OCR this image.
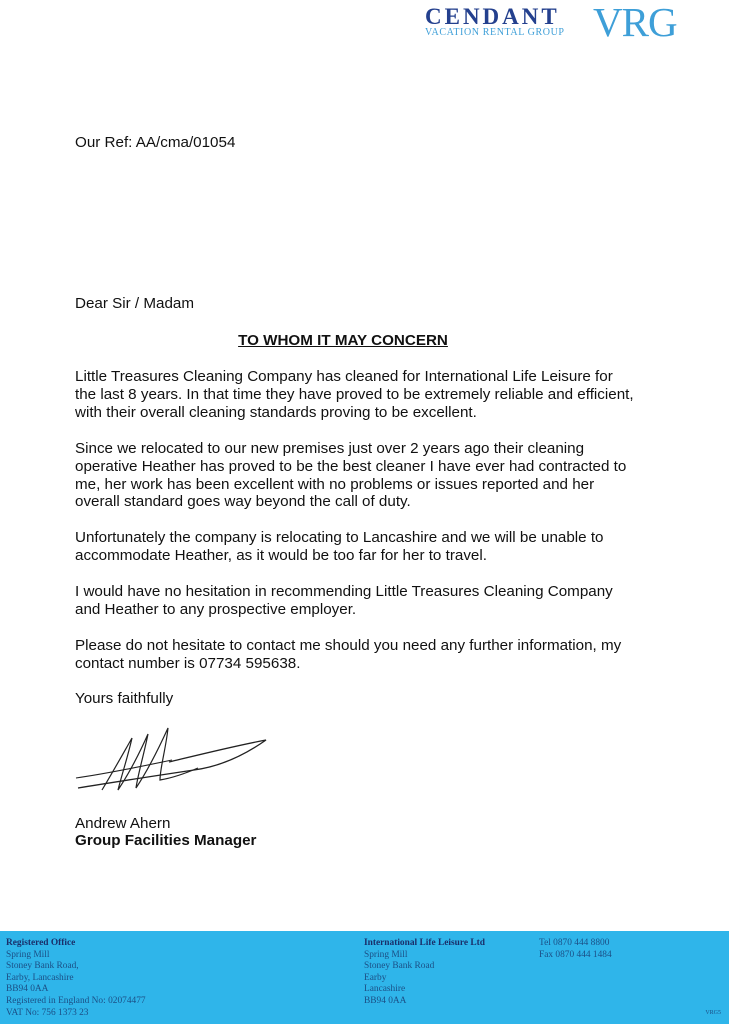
CENDANT
VACATION RENTAL GROUP VRG

Our Ref: AA/cma/01054

Dear Sir / Madam

TO WHOM IT MAY CONCERN

Little Treasures Cleaning Company has cleaned for International Life Leisure for the last 8 years. In that time they have proved to be extremely reliable and efficient, with their overall cleaning standards proving to be excellent.

Since we relocated to our new premises just over 2 years ago their cleaning operative Heather has proved to be the best cleaner I have ever had contracted to me, her work has been excellent with no problems or issues reported and her overall standard goes way beyond the call of duty.

Unfortunately the company is relocating to Lancashire and we will be unable to accommodate Heather, as it would be too far for her to travel.

I would have no hesitation in recommending Little Treasures Cleaning Company and Heather to any prospective employer.

Please do not hesitate to contact me should you need any further information, my contact number is 07734 595638.

Yours faithfully

Andrew Ahern

Group Facilities Manager

Registered Office
Spring Mill
Stoney Bank Road,
Earby, Lancashire
BB94 0AA
Registered in England No: 02074477
VAT No: 756 1373 23
International Life Leisure Ltd
Spring Mill
Stoney Bank Road
Earby
Lancashire
BB94 0AA
Tel 0870 444 8800
Fax 0870 444 1484
VRG5
